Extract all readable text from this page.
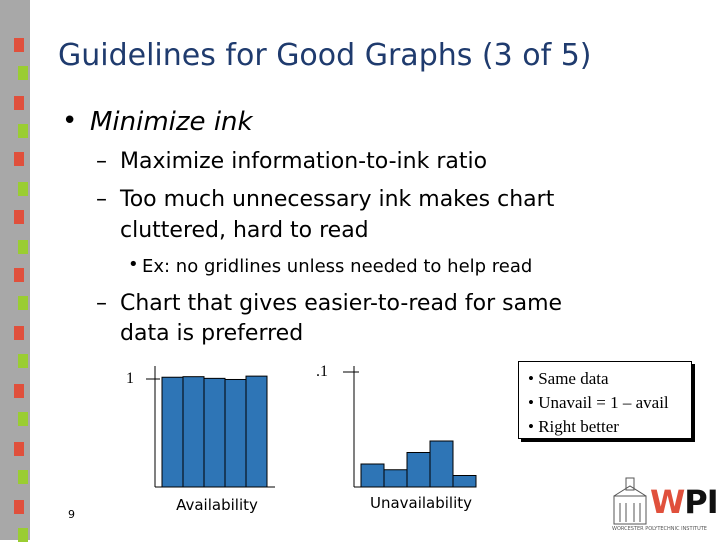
Guidelines for Good Graphs (3 of 5)
• Minimize ink
– Maximize information-to-ink ratio
– Too much unnecessary ink makes chart
cluttered, hard to read
• Ex: no gridlines unless needed to help read
– Chart that gives easier-to-read for same
data is preferred
1
Availability
.1
Unavailability
• Same data
• Unavail = 1 – avail
• Right better
WPI
WORCESTER POLYTECHNIC INSTITUTE
9
